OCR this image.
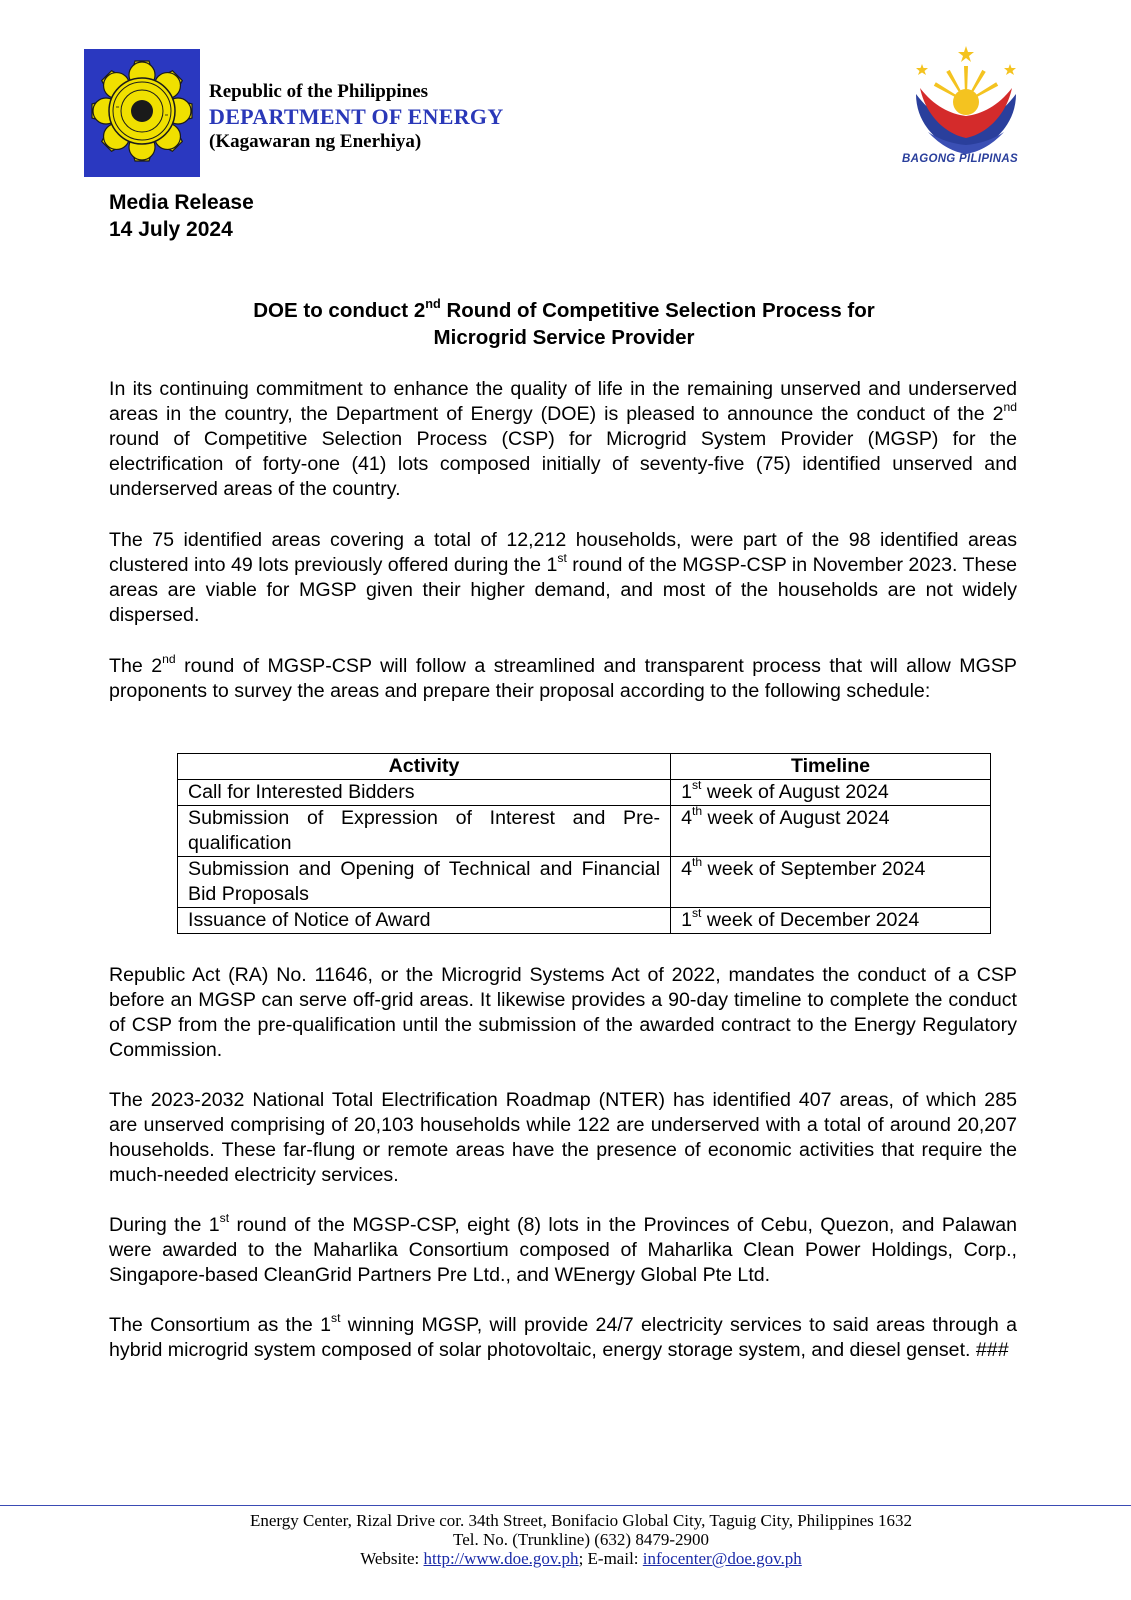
Republic of the Philippines
DEPARTMENT OF ENERGY
(Kagawaran ng Enerhiya)
BAGONG PILIPINAS
Media Release
14 July 2024
DOE to conduct 2nd Round of Competitive Selection Process for
Microgrid Service Provider
In its continuing commitment to enhance the quality of life in the remaining unserved and underserved areas in the country, the Department of Energy (DOE) is pleased to announce the conduct of the 2nd round of Competitive Selection Process (CSP) for Microgrid System Provider (MGSP) for the electrification of forty-one (41) lots composed initially of seventy-five (75) identified unserved and underserved areas of the country.
The 75 identified areas covering a total of 12,212 households, were part of the 98 identified areas clustered into 49 lots previously offered during the 1st round of the MGSP-CSP in November 2023. These areas are viable for MGSP given their higher demand, and most of the households are not widely dispersed.
The 2nd round of MGSP-CSP will follow a streamlined and transparent process that will allow MGSP proponents to survey the areas and prepare their proposal according to the following schedule:
Activity	Timeline
Call for Interested Bidders	1st week of August 2024
Submission of Expression of Interest and Pre-qualification	4th week of August 2024
Submission and Opening of Technical and Financial Bid Proposals	4th week of September 2024
Issuance of Notice of Award	1st week of December 2024
Republic Act (RA) No. 11646, or the Microgrid Systems Act of 2022, mandates the conduct of a CSP before an MGSP can serve off-grid areas. It likewise provides a 90-day timeline to complete the conduct of CSP from the pre-qualification until the submission of the awarded contract to the Energy Regulatory Commission.
The 2023-2032 National Total Electrification Roadmap (NTER) has identified 407 areas, of which 285 are unserved comprising of 20,103 households while 122 are underserved with a total of around 20,207 households. These far-flung or remote areas have the presence of economic activities that require the much-needed electricity services.
During the 1st round of the MGSP-CSP, eight (8) lots in the Provinces of Cebu, Quezon, and Palawan were awarded to the Maharlika Consortium composed of Maharlika Clean Power Holdings, Corp., Singapore-based CleanGrid Partners Pre Ltd., and WEnergy Global Pte Ltd.
The Consortium as the 1st winning MGSP, will provide 24/7 electricity services to said areas through a hybrid microgrid system composed of solar photovoltaic, energy storage system, and diesel genset. ###
Energy Center, Rizal Drive cor. 34th Street, Bonifacio Global City, Taguig City, Philippines 1632
Tel. No. (Trunkline) (632) 8479-2900
Website: http://www.doe.gov.ph; E-mail: infocenter@doe.gov.ph
